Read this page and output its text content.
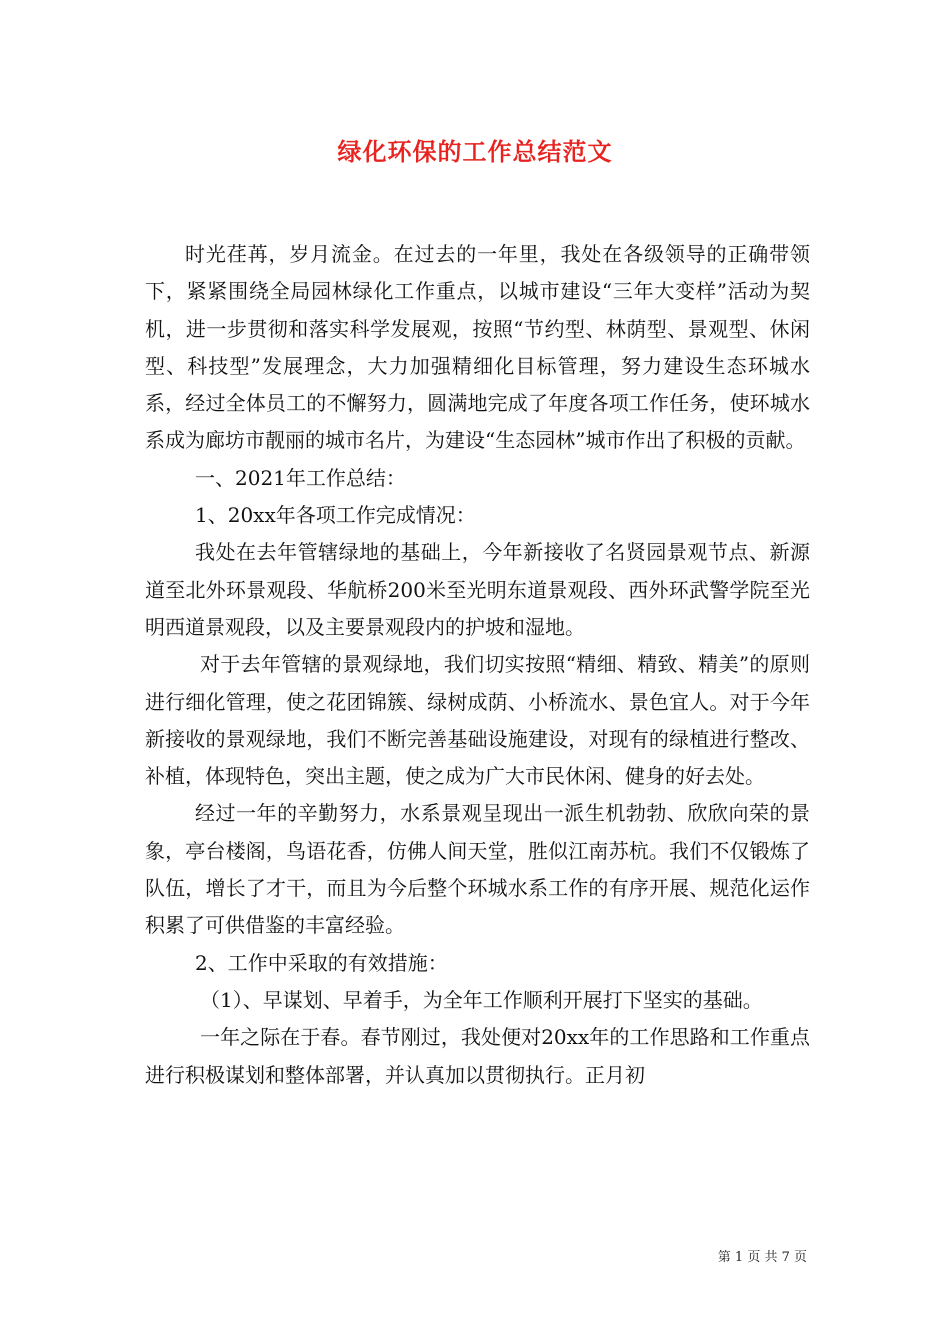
绿化环保的工作总结范文

时光荏苒，岁月流金。在过去的一年里，我处在各级领导的正确带领下，紧紧围绕全局园林绿化工作重点，以城市建设“三年大变样”活动为契机，进一步贯彻和落实科学发展观，按照“节约型、林荫型、景观型、休闲型、科技型”发展理念，大力加强精细化目标管理，努力建设生态环城水系，经过全体员工的不懈努力，圆满地完成了年度各项工作任务，使环城水系成为廊坊市靓丽的城市名片，为建设“生态园林”城市作出了积极的贡献。

一、2021年工作总结：

1、20xx年各项工作完成情况：

我处在去年管辖绿地的基础上，今年新接收了名贤园景观节点、新源道至北外环景观段、华航桥200米至光明东道景观段、西外环武警学院至光明西道景观段，以及主要景观段内的护坡和湿地。

对于去年管辖的景观绿地，我们切实按照“精细、精致、精美”的原则进行细化管理，使之花团锦簇、绿树成荫、小桥流水、景色宜人。对于今年新接收的景观绿地，我们不断完善基础设施建设，对现有的绿植进行整改、补植，体现特色，突出主题，使之成为广大市民休闲、健身的好去处。

经过一年的辛勤努力，水系景观呈现出一派生机勃勃、欣欣向荣的景象，亭台楼阁，鸟语花香，仿佛人间天堂，胜似江南苏杭。我们不仅锻炼了队伍，增长了才干，而且为今后整个环城水系工作的有序开展、规范化运作积累了可供借鉴的丰富经验。

2、工作中采取的有效措施：

（1）、早谋划、早着手，为全年工作顺利开展打下坚实的基础。

一年之际在于春。春节刚过，我处便对20xx年的工作思路和工作重点进行积极谋划和整体部署，并认真加以贯彻执行。正月初

第 1 页 共 7 页
